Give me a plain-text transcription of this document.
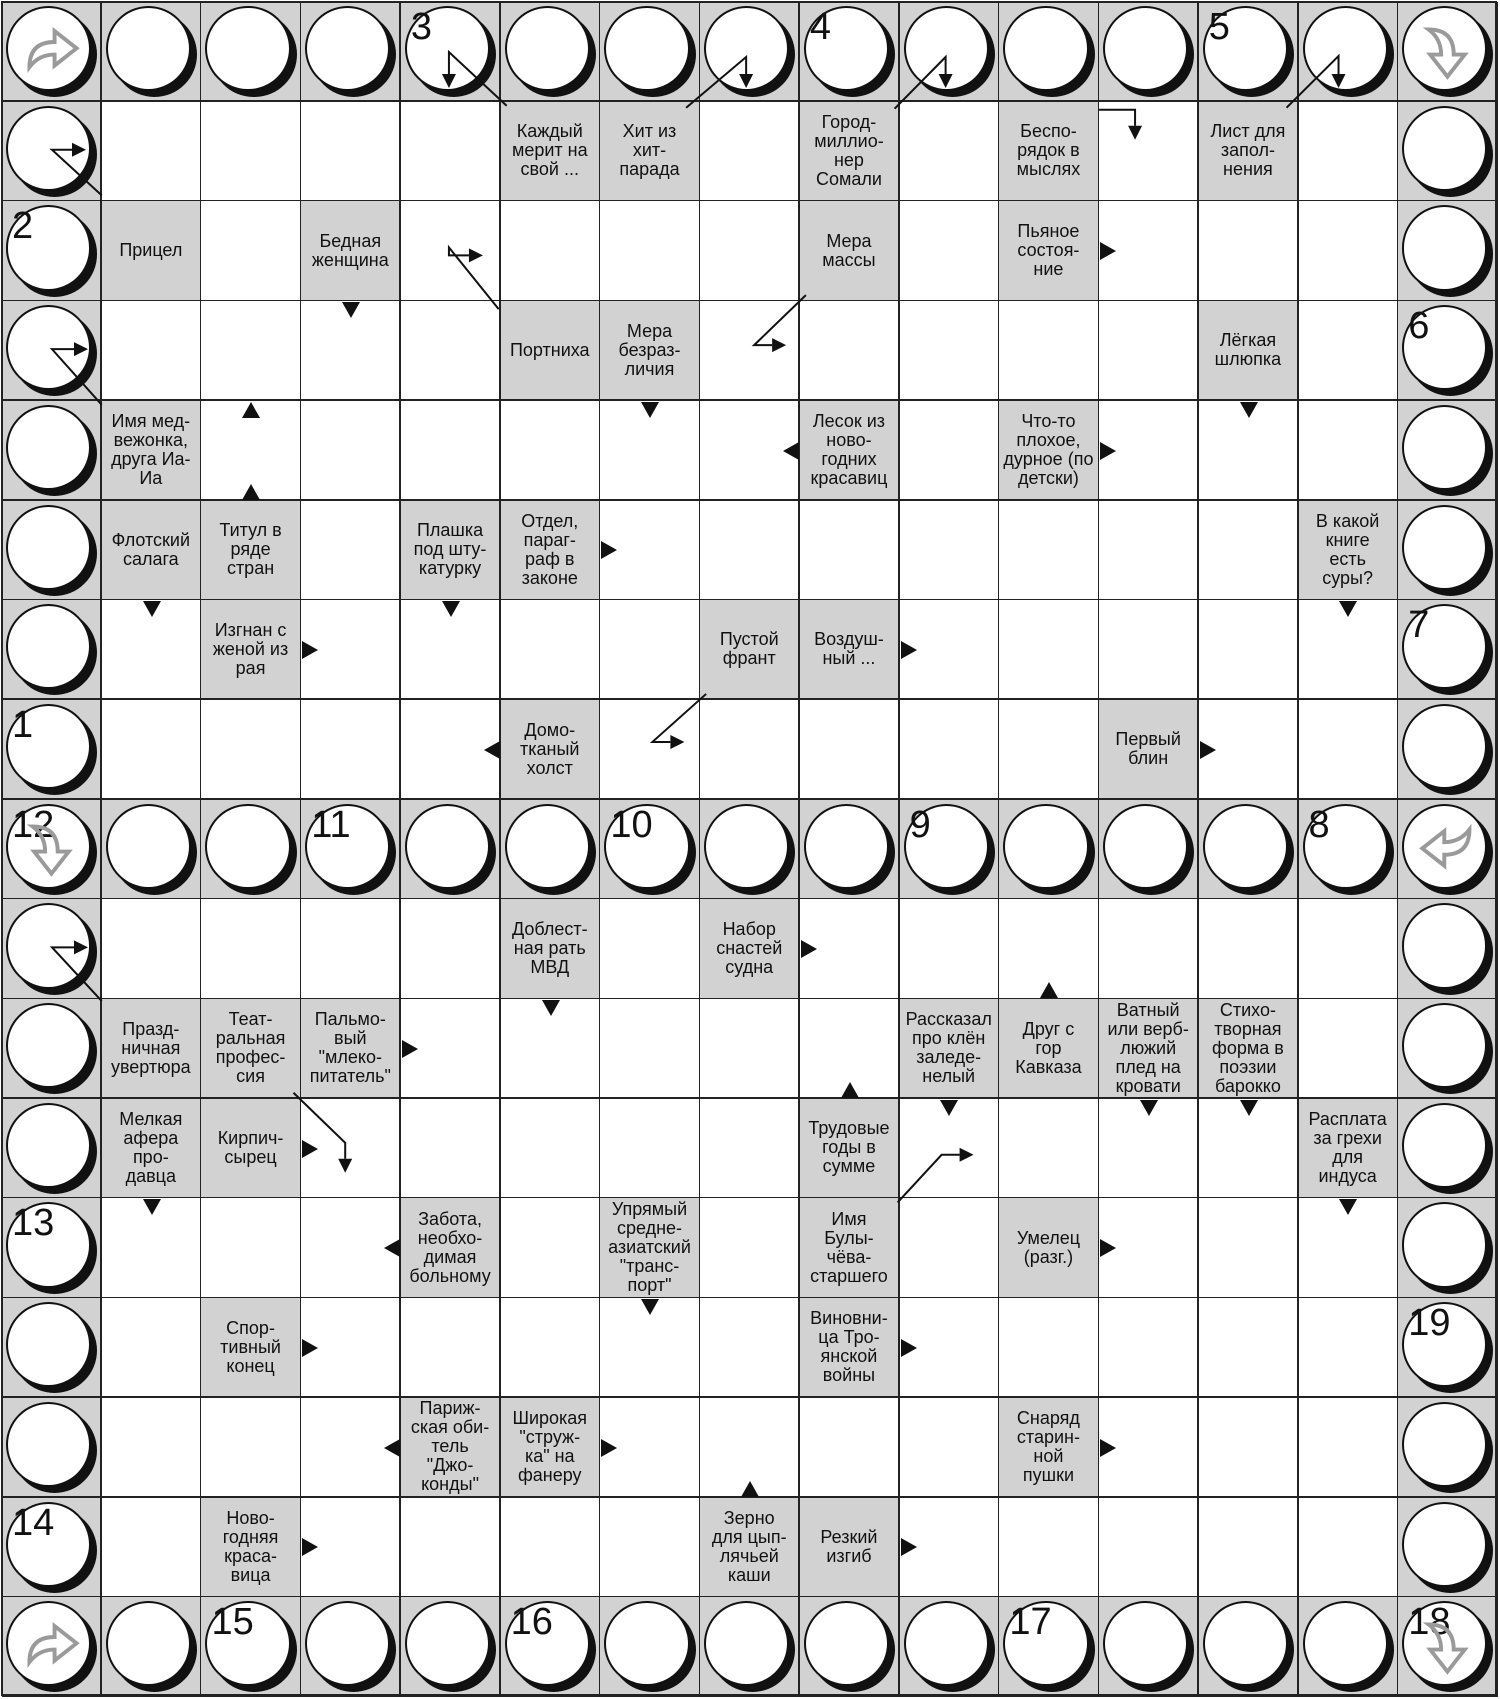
3	4	5
Каждый
мерит на
свой ...
Хит из
хит-
парада
Город-
миллио-
нер
Сомали
Беспо-
рядок в
мыслях
Лист для
запол-
нения
2
Прицел	Бедная
женщина
Мера
массы
Пьяное
состоя-
ние
Портниха
Мера
безраз-
личия
Лёгкая
шлюпка
6
Имя мед-
вежонка,
друга Иа-
Иа
Лесок из
ново-
годних
красавиц
Что-то
плохое,
дурное (по
детски)
Флотский
салага
Титул в
ряде
стран
Плашка
под шту-
катурку
Отдел,
параг-
раф в
законе
В какой
книге
есть
суры?
Изгнан с
женой из
рая
Пустой
франт
Воздуш-
ный ...
7
1	Домо-
тканый
холст
Первый
блин
12	11	10	9	8
Доблест-
ная рать
МВД
Набор
снастей
судна
Празд-
ничная
увертюра
Теат-
ральная
профес-
сия
Пальмо-
вый
"млеко-
питатель"
Рассказал
про клён
заледе-
нелый
Друг с
гор
Кавказа
Ватный
или верб-
люжий
плед на
кровати
Стихо-
творная
форма в
поэзии
барокко
Мелкая
афера
про-
давца
Кирпич-
сырец
Трудовые
годы в
сумме
Расплата
за грехи
для
индуса
13	Забота,
необхо-
димая
больному
Упрямый
средне-
азиатский
"транс-
порт"
Имя
Булы-
чёва-
старшего
Умелец
(разг.)
Спор-
тивный
конец
Виновни-
ца Тро-
янской
войны
19
Париж-
ская оби-
тель
"Джо-
конды"
Широкая
"струж-
ка" на
фанеру
Снаряд
старин-
ной
пушки
14	Ново-
годняя
краса-
вица
Зерно
для цып-
лячьей
каши
Резкий
изгиб
15	16	17	18
